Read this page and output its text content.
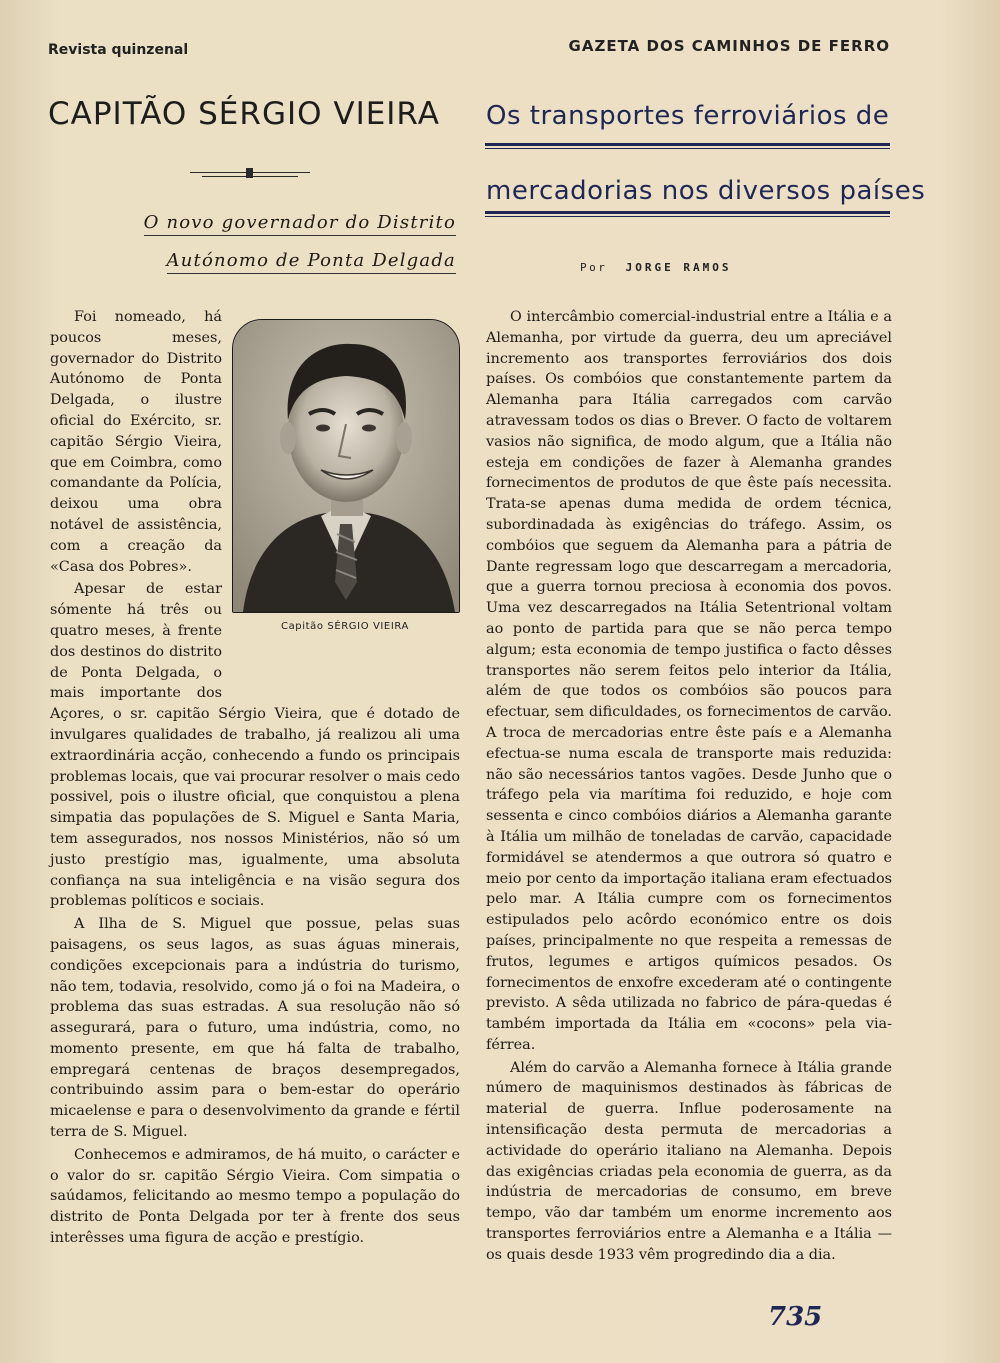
Revista quinzenal	GAZETA DOS CAMINHOS DE FERRO
CAPITÃO SÉRGIO VIEIRA
O novo governador do Distrito
Autónomo de Ponta Delgada
Os transportes ferroviários de
mercadorias nos diversos países
Por JORGE RAMOS
Capitão SÉRGIO VIEIRA

Foi nomeado, há poucos meses, governador do Distrito Autónomo de Ponta Delgada, o ilustre oficial do Exército, sr. capitão Sérgio Vieira, que em Coimbra, como comandante da Polícia, deixou uma obra notável de assistência, com a creação da «Casa dos Pobres».

Apesar de estar sómente há três ou quatro meses, à frente dos destinos do distrito de Ponta Delgada, o mais importante dos Açores, o sr. capitão Sérgio Vieira, que é dotado de invulgares qualidades de trabalho, já realizou ali uma extraordinária acção, conhecendo a fundo os principais problemas locais, que vai procurar resolver o mais cedo possivel, pois o ilustre oficial, que conquistou a plena simpatia das populações de S. Miguel e Santa Maria, tem assegurados, nos nossos Ministérios, não só um justo prestígio mas, igualmente, uma absoluta confiança na sua inteligência e na visão segura dos problemas políticos e sociais.

A Ilha de S. Miguel que possue, pelas suas paisagens, os seus lagos, as suas águas minerais, condições excepcionais para a indústria do turismo, não tem, todavia, resolvido, como já o foi na Madeira, o problema das suas estradas. A sua resolução não só assegurará, para o futuro, uma indústria, como, no momento presente, em que há falta de trabalho, empregará centenas de braços desempregados, contribuindo assim para o bem-estar do operário micaelense e para o desenvolvimento da grande e fértil terra de S. Miguel.

Conhecemos e admiramos, de há muito, o carácter e o valor do sr. capitão Sérgio Vieira. Com simpatia o saúdamos, felicitando ao mesmo tempo a população do distrito de Ponta Delgada por ter à frente dos seus interêsses uma figura de acção e prestígio.

O intercâmbio comercial-industrial entre a Itália e a Alemanha, por virtude da guerra, deu um apreciável incremento aos transportes ferroviários dos dois países. Os combóios que constantemente partem da Alemanha para Itália carregados com carvão atravessam todos os dias o Brever. O facto de voltarem vasios não significa, de modo algum, que a Itália não esteja em condições de fazer à Alemanha grandes fornecimentos de produtos de que êste país necessita. Trata-se apenas duma medida de ordem técnica, subordinadada às exigências do tráfego. Assim, os combóios que seguem da Alemanha para a pátria de Dante regressam logo que descarregam a mercadoria, que a guerra tornou preciosa à economia dos povos. Uma vez descarregados na Itália Setentrional voltam ao ponto de partida para que se não perca tempo algum; esta economia de tempo justifica o facto dêsses transportes não serem feitos pelo interior da Itália, além de que todos os combóios são poucos para efectuar, sem dificuldades, os fornecimentos de carvão. A troca de mercadorias entre êste país e a Alemanha efectua-se numa escala de transporte mais reduzida: não são necessários tantos vagões. Desde Junho que o tráfego pela via marítima foi reduzido, e hoje com sessenta e cinco combóios diários a Alemanha garante à Itália um milhão de toneladas de carvão, capacidade formidável se atendermos a que outrora só quatro e meio por cento da importação italiana eram efectuados pelo mar. A Itália cumpre com os fornecimentos estipulados pelo acôrdo económico entre os dois países, principalmente no que respeita a remessas de frutos, legumes e artigos químicos pesados. Os fornecimentos de enxofre excederam até o contingente previsto. A sêda utilizada no fabrico de pára-quedas é também importada da Itália em «cocons» pela via-férrea.

Além do carvão a Alemanha fornece à Itália grande número de maquinismos destinados às fábricas de material de guerra. Influe poderosamente na intensificação desta permuta de mercadorias a actividade do operário italiano na Alemanha. Depois das exigências criadas pela economia de guerra, as da indústria de mercadorias de consumo, em breve tempo, vão dar também um enorme incremento aos transportes ferroviários entre a Alemanha e a Itália — os quais desde 1933 vêm progredindo dia a dia.

735
